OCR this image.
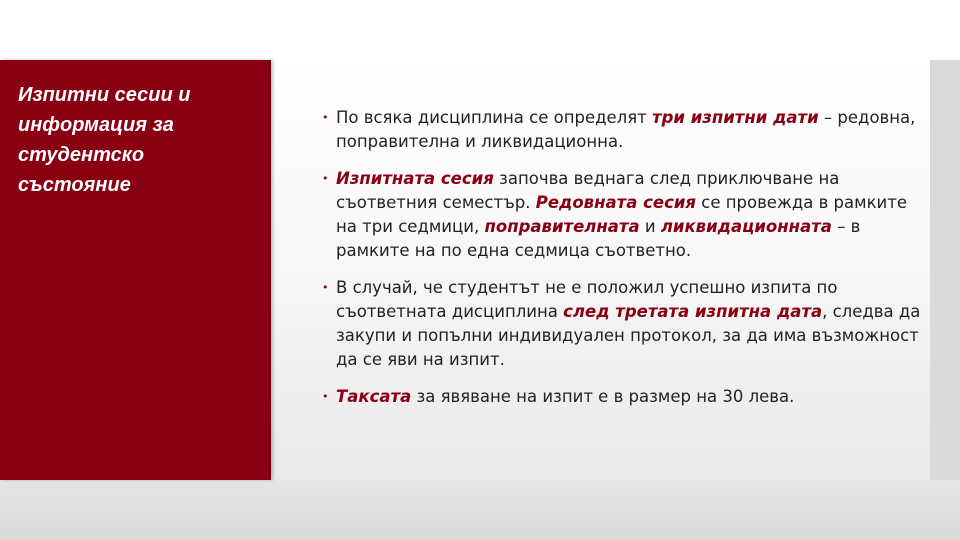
Изпитни сесии и информация за студентско състояние
• По всяка дисциплина се определят три изпитни дати – редовна, поправителна и ликвидационна.
• Изпитната сесия започва веднага след приключване на съответния семестър. Редовната сесия се провежда в рамките на три седмици, поправителната и ликвидационната – в рамките на по една седмица съответно.
• В случай, че студентът не е положил успешно изпита по съответната дисциплина след третата изпитна дата, следва да закупи и попълни индивидуален протокол, за да има възможност да се яви на изпит.
• Таксата за явяване на изпит е в размер на 30 лева.
